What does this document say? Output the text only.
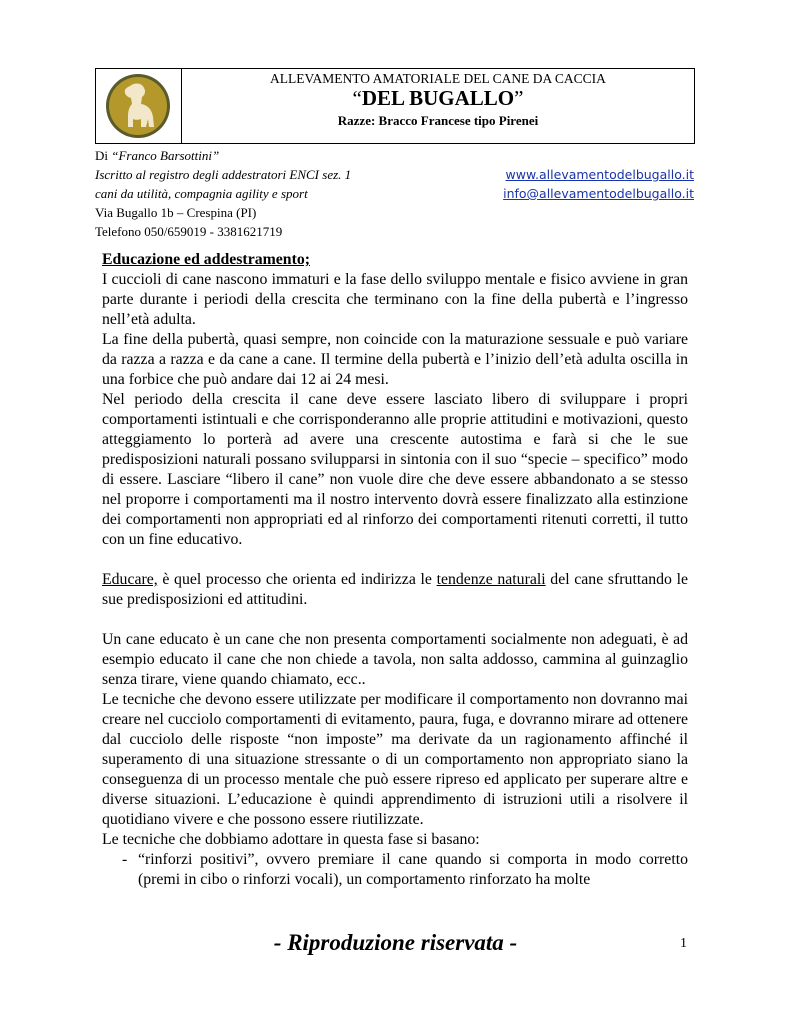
ALLEVAMENTO AMATORIALE DEL CANE DA CACCIA
“DEL BUGALLO”
Razze: Bracco Francese tipo Pirenei
Di “Franco Barsottini”
Iscritto al registro degli addestratori ENCI sez. 1
cani da utilità, compagnia agility e sport
Via Bugallo 1b – Crespina (PI)
Telefono 050/659019 - 3381621719
www.allevamentodelbugallo.it
info@allevamentodelbugallo.it

Educazione ed addestramento;

I cuccioli di cane nascono immaturi e la fase dello sviluppo mentale e fisico avviene in gran parte durante i periodi della crescita che terminano con la fine della pubertà e l’ingresso nell’età adulta.

La fine della pubertà, quasi sempre, non coincide con la maturazione sessuale e può variare da razza a razza e da cane a cane. Il termine della pubertà e l’inizio dell’età adulta oscilla in una forbice che può andare dai 12 ai 24 mesi.

Nel periodo della crescita il cane deve essere lasciato libero di sviluppare i propri comportamenti istintuali e che corrisponderanno alle proprie attitudini e motivazioni, questo atteggiamento lo porterà ad avere una crescente autostima e farà si che le sue predisposizioni naturali possano svilupparsi in sintonia con il suo “specie – specifico” modo di essere. Lasciare “libero il cane” non vuole dire che deve essere abbandonato a se stesso nel proporre i comportamenti ma il nostro intervento dovrà essere finalizzato alla estinzione dei comportamenti non appropriati ed al rinforzo dei comportamenti ritenuti corretti, il tutto con un fine educativo.

Educare, è quel processo che orienta ed indirizza le tendenze naturali del cane sfruttando le sue predisposizioni ed attitudini.

Un cane educato è un cane che non presenta comportamenti socialmente non adeguati, è ad esempio educato il cane che non chiede a tavola, non salta addosso, cammina al guinzaglio senza tirare, viene quando chiamato, ecc..

Le tecniche che devono essere utilizzate per modificare il comportamento non dovranno mai creare nel cucciolo comportamenti di evitamento, paura, fuga, e dovranno mirare ad ottenere dal cucciolo delle risposte “non imposte” ma derivate da un ragionamento affinché il superamento di una situazione stressante o di un comportamento non appropriato siano la conseguenza di un processo mentale che può essere ripreso ed applicato per superare altre e diverse situazioni. L’educazione è quindi apprendimento di istruzioni utili a risolvere il quotidiano vivere e che possono essere riutilizzate.

Le tecniche che dobbiamo adottare in questa fase si basano:

- “rinforzi positivi”, ovvero premiare il cane quando si comporta in modo corretto (premi in cibo o rinforzi vocali), un comportamento rinforzato ha molte
- Riproduzione riservata -	1
